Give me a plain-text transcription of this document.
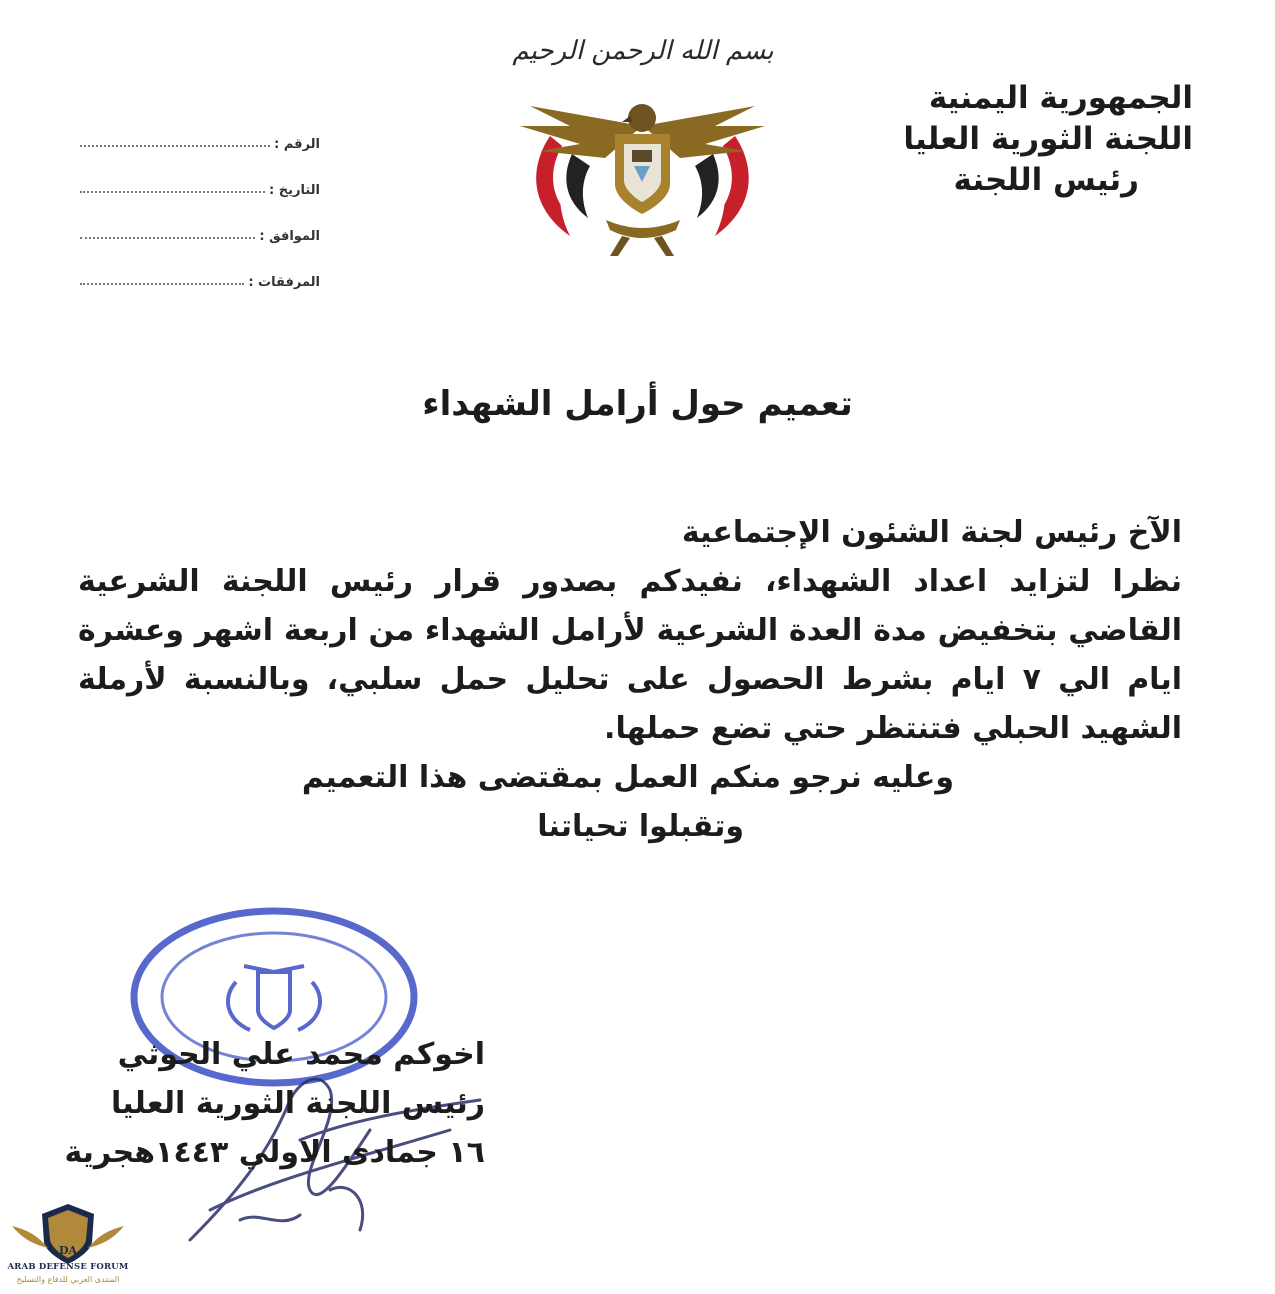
الجمهورية اليمنية
اللجنة الثورية العليا
رئيس اللجنة
بسم الله الرحمن الرحيم
الرقم :
التاريخ :
الموافق :
المرفقات :
تعميم حول أرامل الشهداء
الآخ رئيس لجنة الشئون الإجتماعية
نظرا لتزايد اعداد الشهداء، نفيدكم بصدور قرار رئيس اللجنة الشرعية
القاضي بتخفيض مدة العدة الشرعية لأرامل الشهداء من اربعة اشهر وعشرة
ايام الي ٧ ايام بشرط الحصول على تحليل حمل سلبي، وبالنسبة لأرملة
الشهيد الحبلي فتنتظر حتي تضع حملها.
وعليه نرجو منكم العمل بمقتضى هذا التعميم
وتقبلوا تحياتنا
اخوكم محمد علي الحوثي
رئيس اللجنة الثورية العليا
١٦ جمادى الاولي ١٤٤٣هجرية
DA
ARAB DEFENSE FORUM
المنتدى العربي للدفاع والتسليح
